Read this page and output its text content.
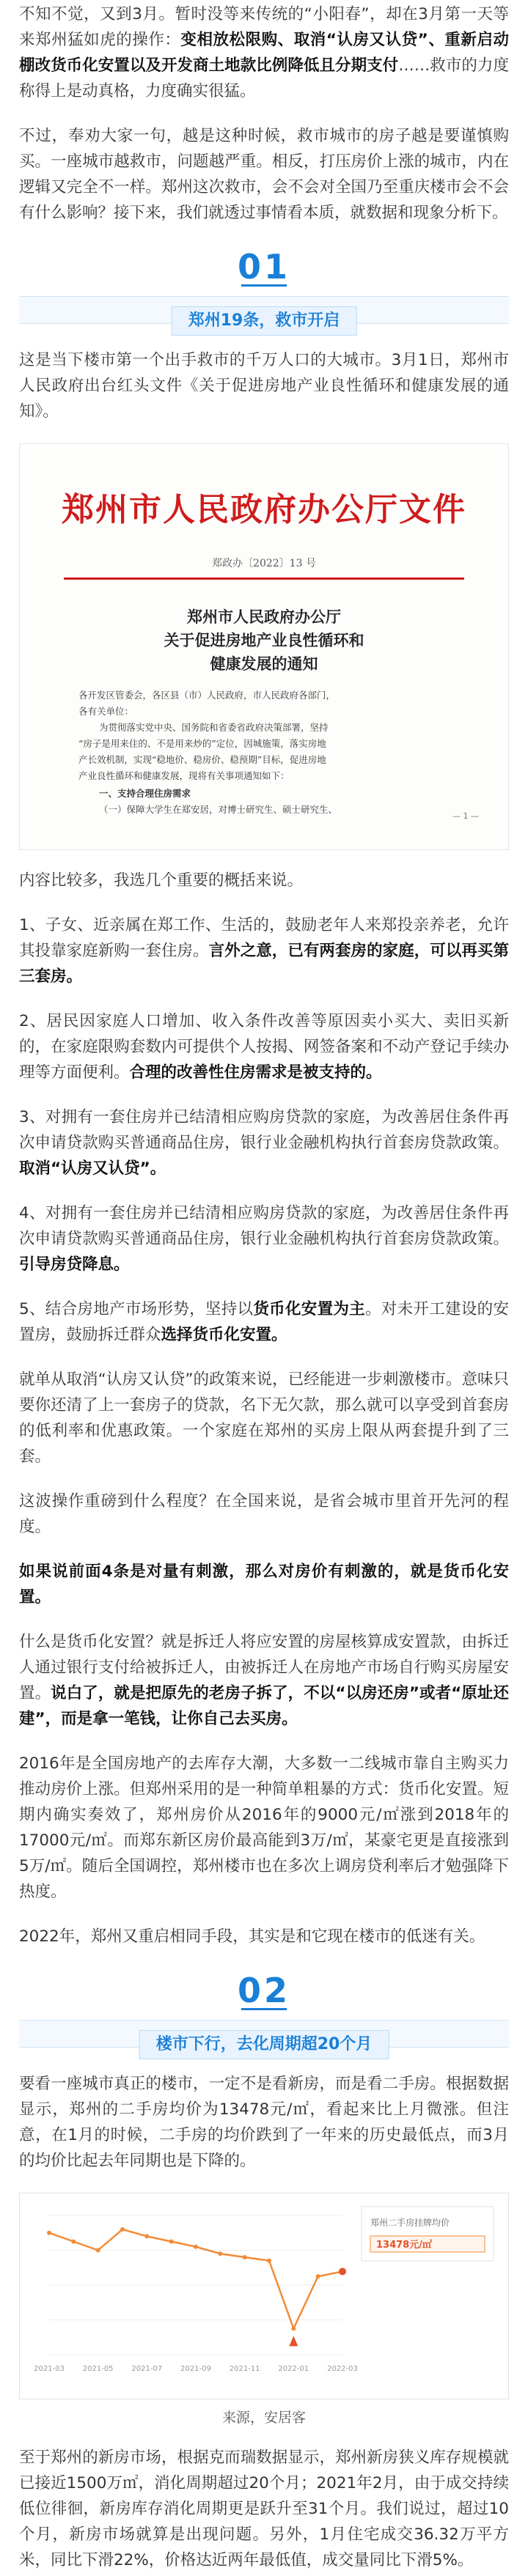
不知不觉，又到3月。暂时没等来传统的“小阳春”，却在3月第一天等来郑州猛如虎的操作：变相放松限购、取消“认房又认贷”、重新启动棚改货币化安置以及开发商土地款比例降低且分期支付……救市的力度称得上是动真格，力度确实很猛。

不过，奉劝大家一句，越是这种时候，救市城市的房子越是要谨慎购买。一座城市越救市，问题越严重。相反，打压房价上涨的城市，内在逻辑又完全不一样。郑州这次救市，会不会对全国乃至重庆楼市会不会有什么影响？接下来，我们就透过事情看本质，就数据和现象分析下。

01
郑州19条，救市开启

这是当下楼市第一个出手救市的千万人口的大城市。3月1日，郑州市人民政府出台红头文件《关于促进房地产业良性循环和健康发展的通知》。

郑州市人民政府办公厅文件
郑政办〔2022〕13 号
郑州市人民政府办公厅
关于促进房地产业良性循环和
健康发展的通知
各开发区管委会，各区县（市）人民政府，市人民政府各部门，
各有关单位：
为贯彻落实党中央、国务院和省委省政府决策部署，坚持
“房子是用来住的、不是用来炒的”定位，因城施策，落实房地
产长效机制，实现“稳地价、稳房价、稳预期”目标，促进房地
产业良性循环和健康发展，现将有关事项通知如下：
一、支持合理住房需求
（一）保障大学生在郑安居，对博士研究生、硕士研究生、
— 1 —

内容比较多，我选几个重要的概括来说。

1、子女、近亲属在郑工作、生活的，鼓励老年人来郑投亲养老，允许其投靠家庭新购一套住房。言外之意，已有两套房的家庭，可以再买第三套房。

2、居民因家庭人口增加、收入条件改善等原因卖小买大、卖旧买新的，在家庭限购套数内可提供个人按揭、网签备案和不动产登记手续办理等方面便利。合理的改善性住房需求是被支持的。

3、对拥有一套住房并已结清相应购房贷款的家庭，为改善居住条件再次申请贷款购买普通商品住房，银行业金融机构执行首套房贷款政策。取消“认房又认贷”。

4、对拥有一套住房并已结清相应购房贷款的家庭，为改善居住条件再次申请贷款购买普通商品住房，银行业金融机构执行首套房贷款政策。引导房贷降息。

5、结合房地产市场形势，坚持以货币化安置为主。对未开工建设的安置房，鼓励拆迁群众选择货币化安置。

就单从取消“认房又认贷”的政策来说，已经能进一步刺激楼市。意味只要你还清了上一套房子的贷款，名下无欠款，那么就可以享受到首套房的低利率和优惠政策。一个家庭在郑州的买房上限从两套提升到了三套。

这波操作重磅到什么程度？在全国来说，是省会城市里首开先河的程度。

如果说前面4条是对量有刺激，那么对房价有刺激的，就是货币化安置。

什么是货币化安置？就是拆迁人将应安置的房屋核算成安置款，由拆迁人通过银行支付给被拆迁人，由被拆迁人在房地产市场自行购买房屋安置。说白了，就是把原先的老房子拆了，不以“以房还房”或者“原址还建”，而是拿一笔钱，让你自己去买房。

2016年是全国房地产的去库存大潮，大多数一二线城市靠自主购买力推动房价上涨。但郑州采用的是一种简单粗暴的方式：货币化安置。短期内确实奏效了，郑州房价从2016年的9000元/㎡涨到2018年的17000元/㎡。而郑东新区房价最高能到3万/㎡，某豪宅更是直接涨到5万/㎡。随后全国调控，郑州楼市也在多次上调房贷利率后才勉强降下热度。

2022年，郑州又重启相同手段，其实是和它现在楼市的低迷有关。

02
楼市下行，去化周期超20个月

要看一座城市真正的楼市，一定不是看新房，而是看二手房。根据数据显示，郑州的二手房均价为13478元/㎡，看起来比上月微涨。但注意，在1月的时候，二手房的均价跌到了一年来的历史最低点，而3月的均价比起去年同期也是下降的。

2021-03 2021-05 2021-07 2021-09 2021-11 2022-01 2022-03
郑州二手房挂牌均价
13478元/㎡
来源，安居客

至于郑州的新房市场，根据克而瑞数据显示，郑州新房狭义库存规模就已接近1500万㎡，消化周期超过20个月；2021年2月，由于成交持续低位徘徊，新房库存消化周期更是跃升至31个月。我们说过，超过10个月，新房市场就算是出现问题。另外，1月住宅成交36.32万平方米，同比下滑22%，价格达近两年最低值，成交量同比下滑5%。
